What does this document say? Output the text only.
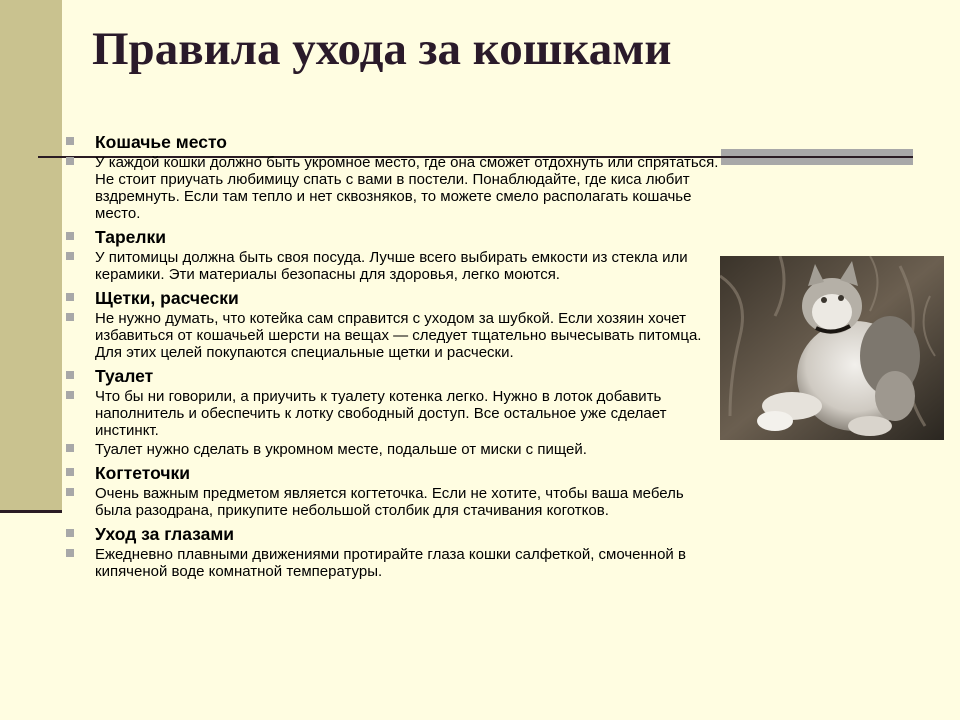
Правила ухода за кошками
Кошачье место
У каждой кошки должно быть укромное место, где она сможет отдохнуть или спрятаться. Не стоит приучать любимицу спать с вами в постели. Понаблюдайте, где киса любит вздремнуть. Если там тепло и нет сквозняков, то можете смело располагать кошачье место.
Тарелки
У питомицы должна быть своя посуда. Лучше всего выбирать емкости из стекла или керамики. Эти материалы безопасны для здоровья, легко моются.
Щетки, расчески
Не нужно думать, что котейка сам справится с уходом за шубкой. Если хозяин хочет избавиться от кошачьей шерсти на вещах — следует тщательно вычесывать питомца. Для этих целей покупаются специальные щетки и расчески.
Туалет
Что бы ни говорили, а приучить к туалету котенка легко. Нужно в лоток добавить наполнитель и обеспечить к лотку свободный доступ. Все остальное уже сделает инстинкт.
Туалет нужно сделать в укромном месте, подальше от миски с пищей.
Когтеточки
Очень важным предметом является когтеточка. Если не хотите, чтобы ваша мебель была разодрана, прикупите небольшой столбик для стачивания коготков.
Уход за глазами
Ежедневно плавными движениями протирайте глаза кошки салфеткой, смоченной в кипяченой воде комнатной температуры.
